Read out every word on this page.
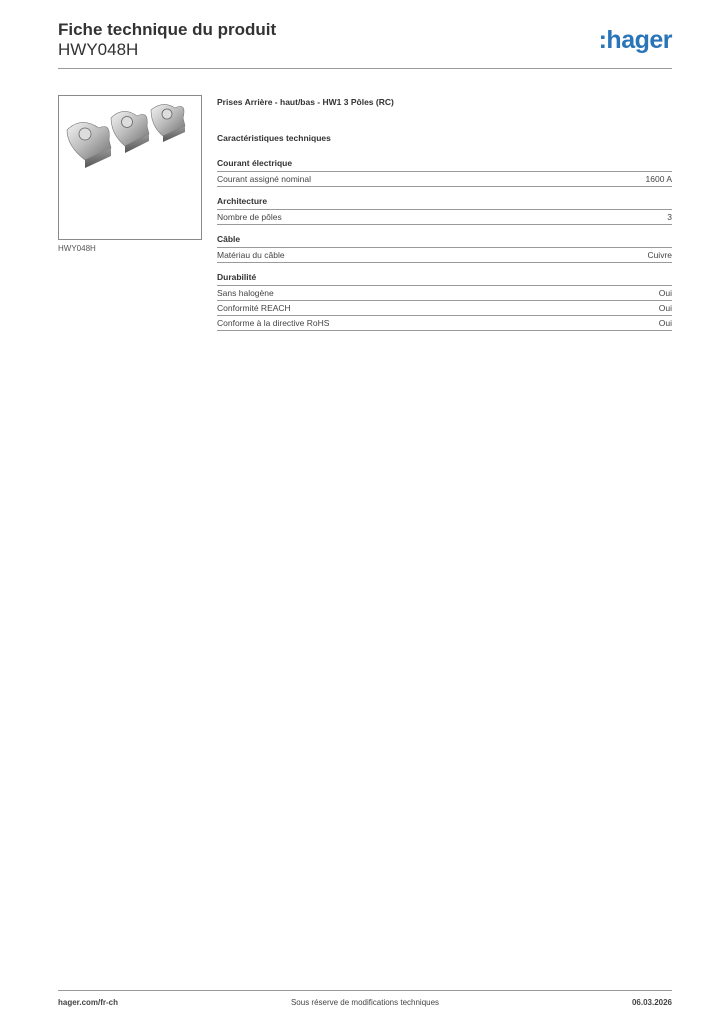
Fiche technique du produit
HWY048H	:hager
HWY048H
Prises Arrière - haut/bas - HW1 3 Pôles (RC)
Caractéristiques techniques
Courant électrique
Courant assigné nominal	1600 A
Architecture
Nombre de pôles	3
Câble
Matériau du câble	Cuivre
Durabilité
Sans halogène	Oui
Conformité REACH	Oui
Conforme à la directive RoHS	Oui
hager.com/fr-ch	Sous réserve de modifications techniques	06.03.2026
